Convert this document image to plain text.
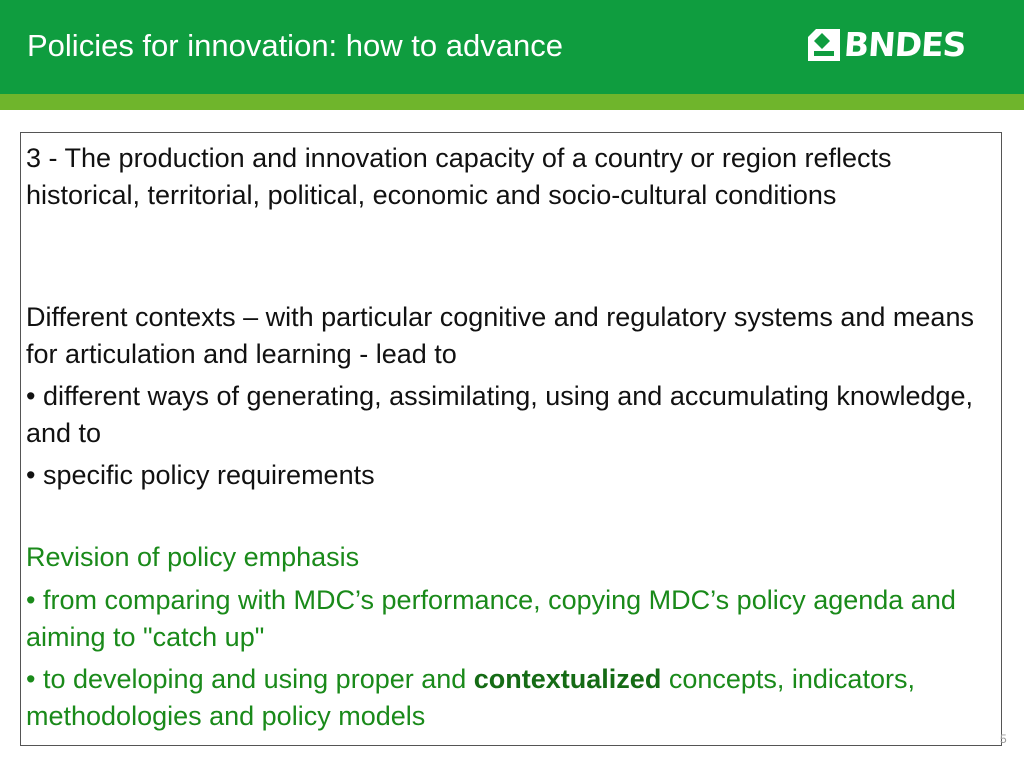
Policies for innovation: how to advance	BNDES
3 - The production and innovation capacity of a country or region reflects historical, territorial, political, economic and socio-cultural conditions
Different contexts – with particular cognitive and regulatory systems and means for articulation and learning - lead to
• different ways of generating, assimilating, using and accumulating knowledge, and to
• specific policy requirements
Revision of policy emphasis
• from comparing with MDC’s performance, copying MDC’s policy agenda and aiming to "catch up"
• to developing and using proper and contextualized concepts, indicators, methodologies and policy models
5
